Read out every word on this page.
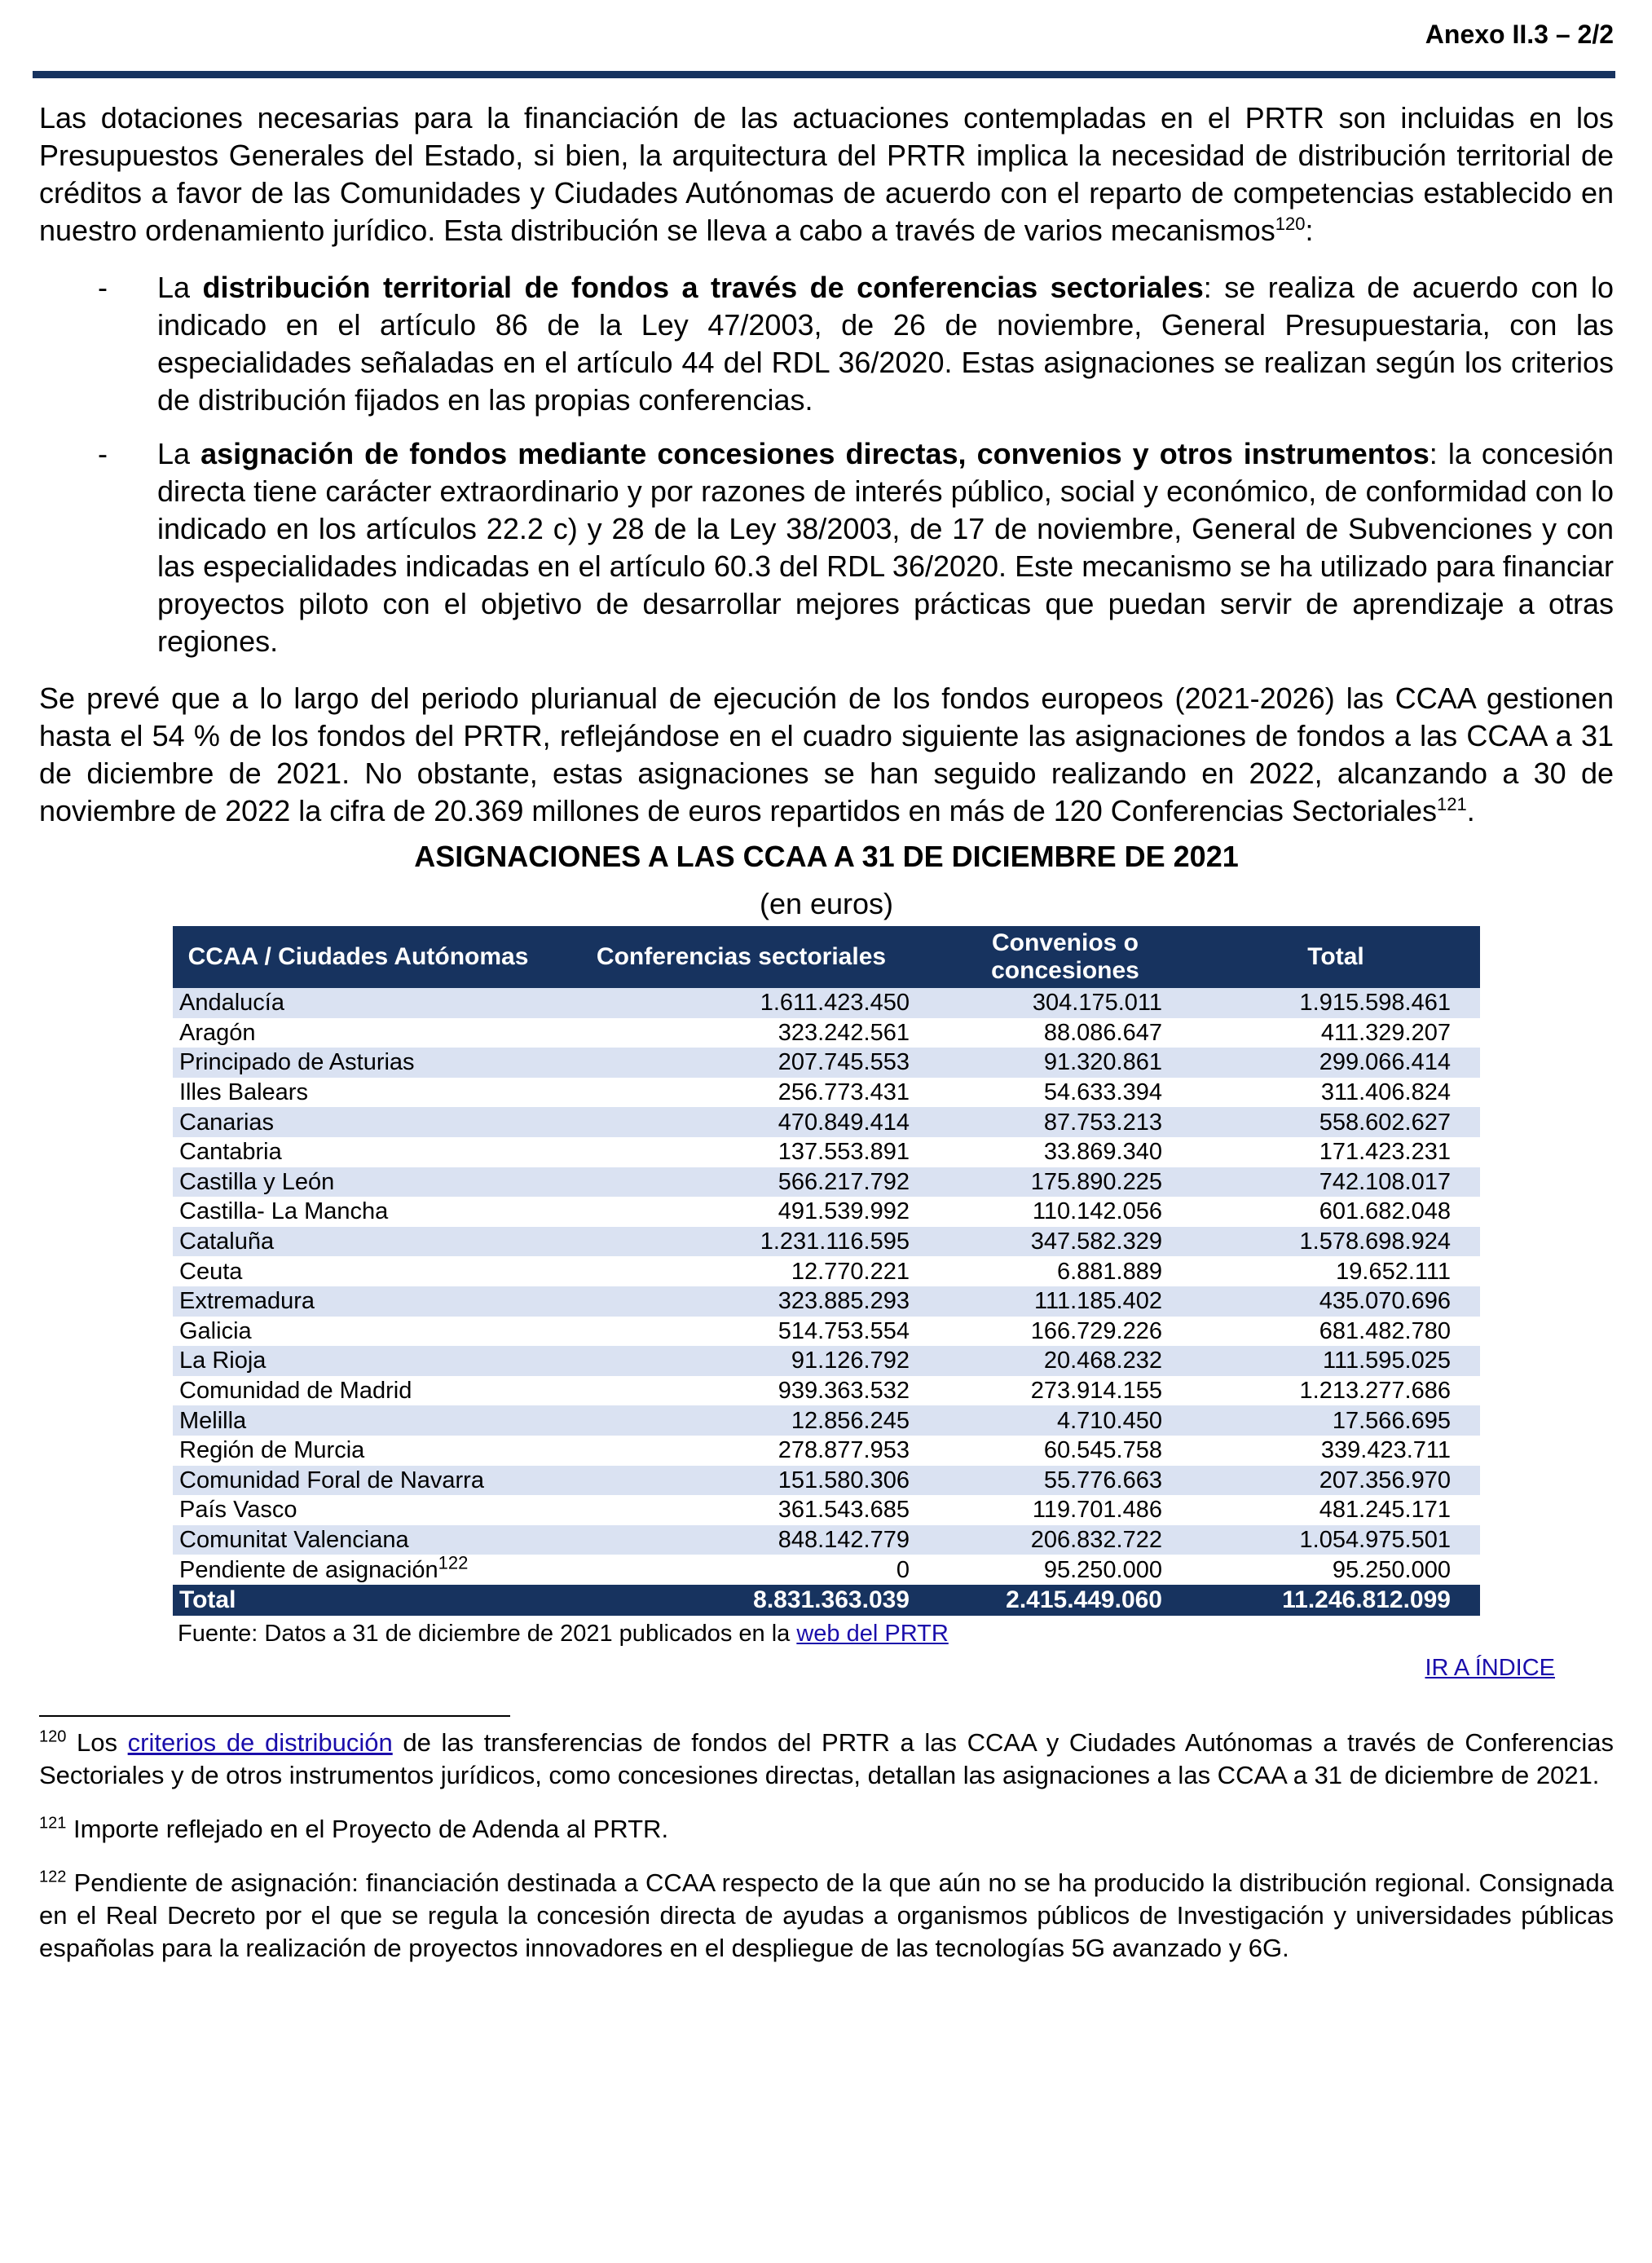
Anexo II.3 – 2/2

Las dotaciones necesarias para la financiación de las actuaciones contempladas en el PRTR son incluidas en los Presupuestos Generales del Estado, si bien, la arquitectura del PRTR implica la necesidad de distribución territorial de créditos a favor de las Comunidades y Ciudades Autónomas de acuerdo con el reparto de competencias establecido en nuestro ordenamiento jurídico. Esta distribución se lleva a cabo a través de varios mecanismos$^{120}$:

- La distribución territorial de fondos a través de conferencias sectoriales: se realiza de acuerdo con lo indicado en el artículo 86 de la Ley 47/2003, de 26 de noviembre, General Presupuestaria, con las especialidades señaladas en el artículo 44 del RDL 36/2020. Estas asignaciones se realizan según los criterios de distribución fijados en las propias conferencias.
- La asignación de fondos mediante concesiones directas, convenios y otros instrumentos: la concesión directa tiene carácter extraordinario y por razones de interés público, social y económico, de conformidad con lo indicado en los artículos 22.2 c) y 28 de la Ley 38/2003, de 17 de noviembre, General de Subvenciones y con las especialidades indicadas en el artículo 60.3 del RDL 36/2020. Este mecanismo se ha utilizado para financiar proyectos piloto con el objetivo de desarrollar mejores prácticas que puedan servir de aprendizaje a otras regiones.

Se prevé que a lo largo del periodo plurianual de ejecución de los fondos europeos (2021-2026) las CCAA gestionen hasta el 54 % de los fondos del PRTR, reflejándose en el cuadro siguiente las asignaciones de fondos a las CCAA a 31 de diciembre de 2021. No obstante, estas asignaciones se han seguido realizando en 2022, alcanzando a 30 de noviembre de 2022 la cifra de 20.369 millones de euros repartidos en más de 120 Conferencias Sectoriales$^{121}$.

ASIGNACIONES A LAS CCAA A 31 DE DICIEMBRE DE 2021
(en euros)
CCAA / Ciudades Autónomas	Conferencias sectoriales	Convenios o concesiones	Total
Andalucía	1.611.423.450	304.175.011	1.915.598.461
Aragón	323.242.561	88.086.647	411.329.207
Principado de Asturias	207.745.553	91.320.861	299.066.414
Illes Balears	256.773.431	54.633.394	311.406.824
Canarias	470.849.414	87.753.213	558.602.627
Cantabria	137.553.891	33.869.340	171.423.231
Castilla y León	566.217.792	175.890.225	742.108.017
Castilla- La Mancha	491.539.992	110.142.056	601.682.048
Cataluña	1.231.116.595	347.582.329	1.578.698.924
Ceuta	12.770.221	6.881.889	19.652.111
Extremadura	323.885.293	111.185.402	435.070.696
Galicia	514.753.554	166.729.226	681.482.780
La Rioja	91.126.792	20.468.232	111.595.025
Comunidad de Madrid	939.363.532	273.914.155	1.213.277.686
Melilla	12.856.245	4.710.450	17.566.695
Región de Murcia	278.877.953	60.545.758	339.423.711
Comunidad Foral de Navarra	151.580.306	55.776.663	207.356.970
País Vasco	361.543.685	119.701.486	481.245.171
Comunitat Valenciana	848.142.779	206.832.722	1.054.975.501
Pendiente de asignación$^{122}$	0	95.250.000	95.250.000
Total	8.831.363.039	2.415.449.060	11.246.812.099
Fuente: Datos a 31 de diciembre de 2021 publicados en la web del PRTR
IR A ÍNDICE

$^{120}$ Los criterios de distribución de las transferencias de fondos del PRTR a las CCAA y Ciudades Autónomas a través de Conferencias Sectoriales y de otros instrumentos jurídicos, como concesiones directas, detallan las asignaciones a las CCAA a 31 de diciembre de 2021.

$^{121}$ Importe reflejado en el Proyecto de Adenda al PRTR.

$^{122}$ Pendiente de asignación: financiación destinada a CCAA respecto de la que aún no se ha producido la distribución regional. Consignada en el Real Decreto por el que se regula la concesión directa de ayudas a organismos públicos de Investigación y universidades públicas españolas para la realización de proyectos innovadores en el despliegue de las tecnologías 5G avanzado y 6G.
